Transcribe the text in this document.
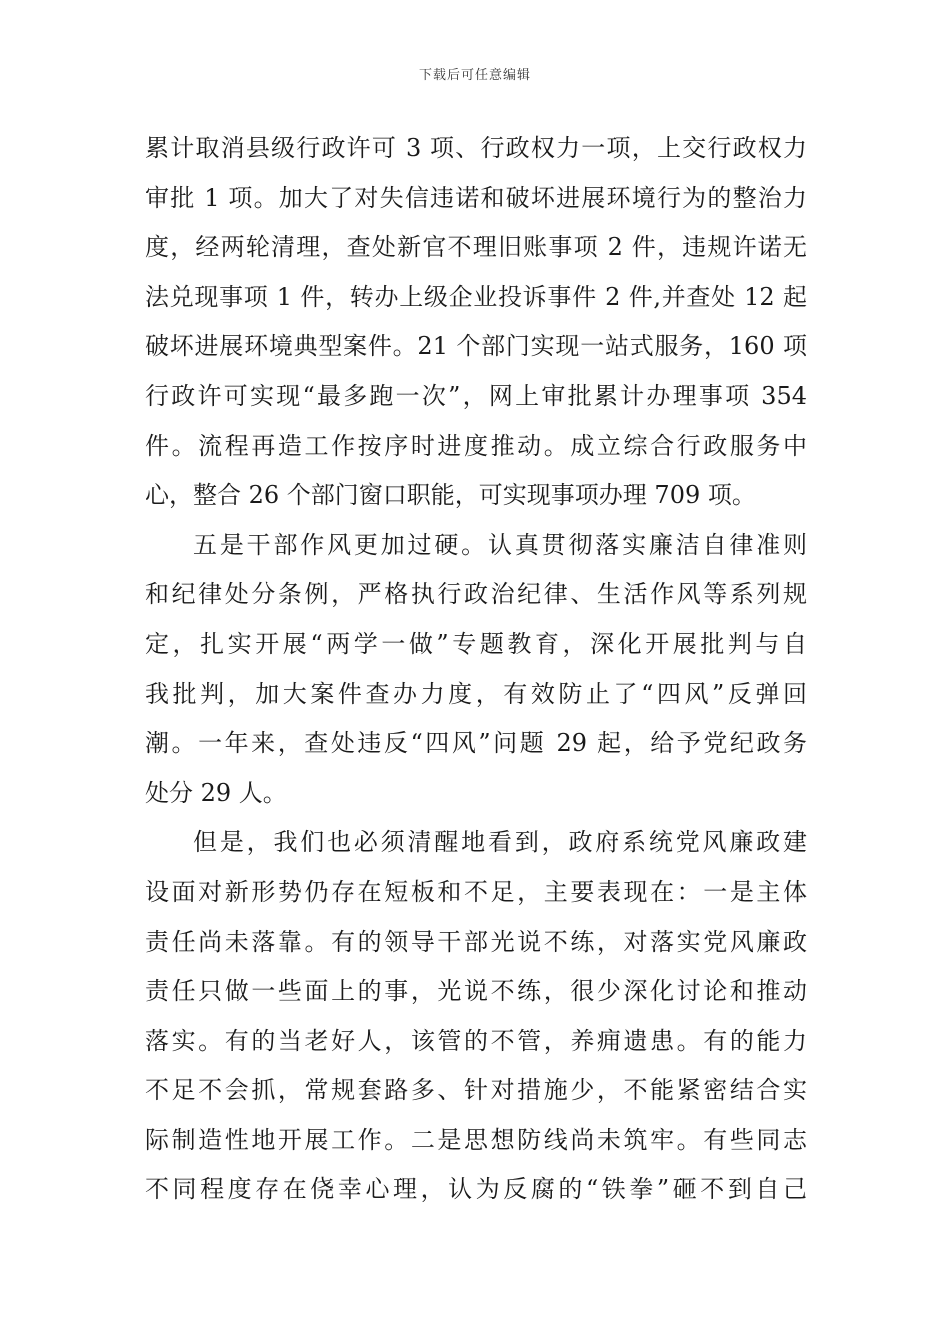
下载后可任意编辑
累计取消县级行政许可 3 项、行政权力一项，上交行政权力
审批 1 项。加大了对失信违诺和破坏进展环境行为的整治力
度，经两轮清理，查处新官不理旧账事项 2 件，违规许诺无
法兑现事项 1 件，转办上级企业投诉事件 2 件,并查处 12 起
破坏进展环境典型案件。21 个部门实现一站式服务，160 项
行政许可实现“最多跑一次”，网上审批累计办理事项 354
件。流程再造工作按序时进度推动。成立综合行政服务中
心，整合 26 个部门窗口职能，可实现事项办理 709 项。
五是干部作风更加过硬。认真贯彻落实廉洁自律准则
和纪律处分条例，严格执行政治纪律、生活作风等系列规
定，扎实开展“两学一做”专题教育，深化开展批判与自
我批判，加大案件查办力度，有效防止了“四风”反弹回
潮。一年来，查处违反“四风”问题 29 起，给予党纪政务
处分 29 人。
但是，我们也必须清醒地看到，政府系统党风廉政建
设面对新形势仍存在短板和不足，主要表现在：一是主体
责任尚未落靠。有的领导干部光说不练，对落实党风廉政
责任只做一些面上的事，光说不练，很少深化讨论和推动
落实。有的当老好人，该管的不管，养痈遗患。有的能力
不足不会抓，常规套路多、针对措施少，不能紧密结合实
际制造性地开展工作。二是思想防线尚未筑牢。有些同志
不同程度存在侥幸心理，认为反腐的“铁拳”砸不到自己
